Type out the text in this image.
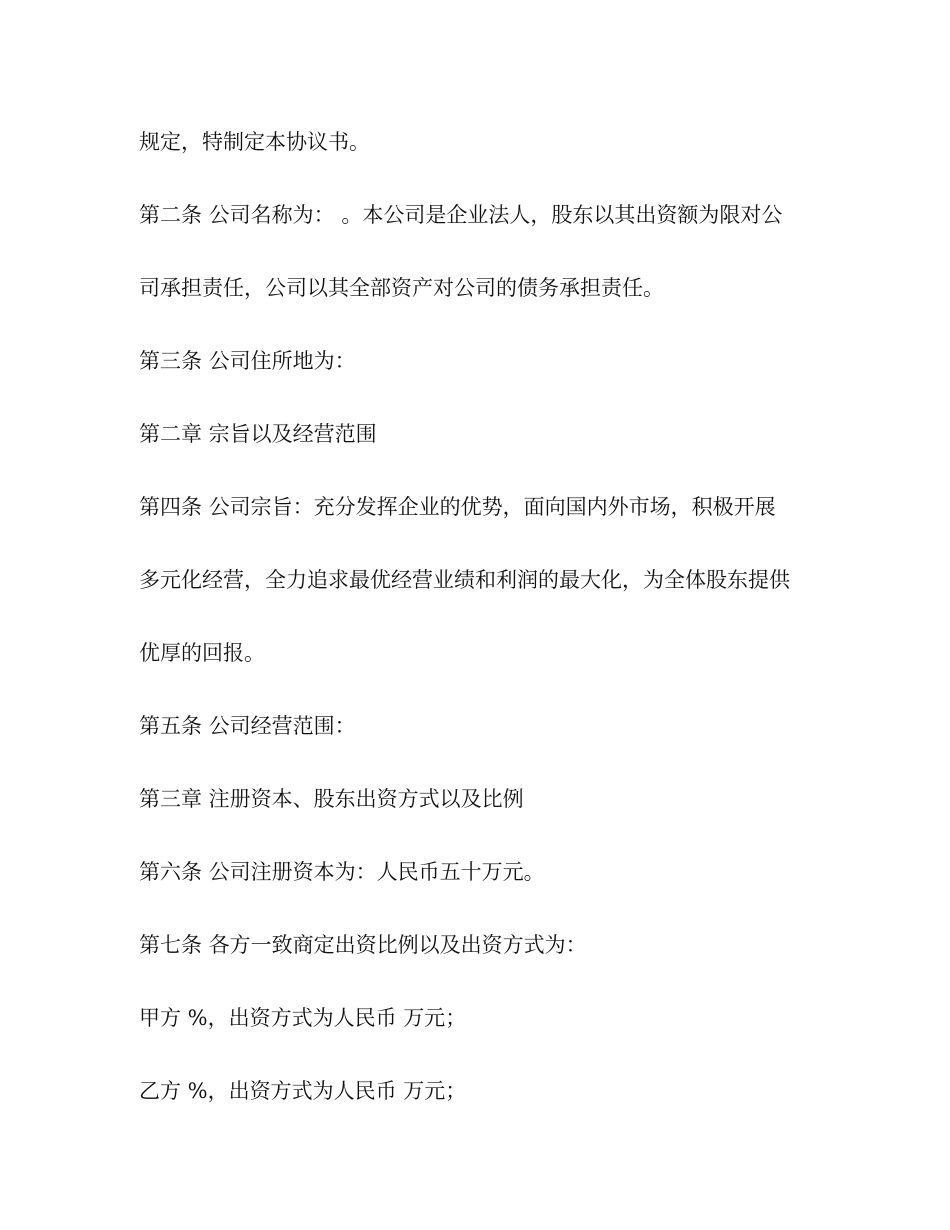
规定，特制定本协议书。
第二条 公司名称为： 。本公司是企业法人，股东以其出资额为限对公
司承担责任，公司以其全部资产对公司的债务承担责任。
第三条 公司住所地为：
第二章 宗旨以及经营范围
第四条 公司宗旨：充分发挥企业的优势，面向国内外市场，积极开展
多元化经营，全力追求最优经营业绩和利润的最大化，为全体股东提供
优厚的回报。
第五条 公司经营范围：
第三章 注册资本、股东出资方式以及比例
第六条 公司注册资本为：人民币五十万元。
第七条 各方一致商定出资比例以及出资方式为：
甲方 %，出资方式为人民币 万元；
乙方 %，出资方式为人民币 万元；
